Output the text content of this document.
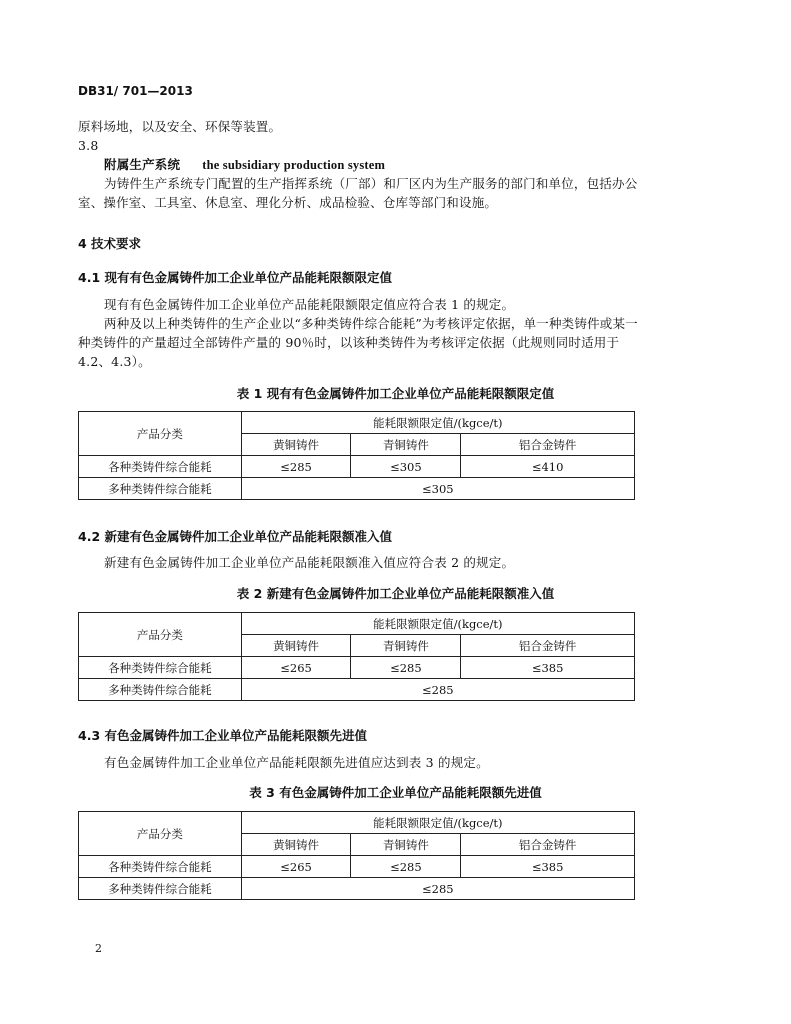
DB31/ 701—2013
原料场地，以及安全、环保等装置。
3.8
附属生产系统 the subsidiary production system
为铸件生产系统专门配置的生产指挥系统（厂部）和厂区内为生产服务的部门和单位，包括办公
室、操作室、工具室、休息室、理化分析、成品检验、仓库等部门和设施。
4 技术要求
4.1 现有有色金属铸件加工企业单位产品能耗限额限定值
现有有色金属铸件加工企业单位产品能耗限额限定值应符合表 1 的规定。
两种及以上种类铸件的生产企业以“多种类铸件综合能耗”为考核评定依据，单一种类铸件或某一
种类铸件的产量超过全部铸件产量的 90％时，以该种类铸件为考核评定依据（此规则同时适用于
4.2、4.3）。
表 1 现有有色金属铸件加工企业单位产品能耗限额限定值
产品分类	能耗限额限定值/(kgce/t)		
	黄铜铸件	青铜铸件	铝合金铸件
各种类铸件综合能耗	≤285	≤305	≤410
多种类铸件综合能耗	≤305		
4.2 新建有色金属铸件加工企业单位产品能耗限额准入值
新建有色金属铸件加工企业单位产品能耗限额准入值应符合表 2 的规定。
表 2 新建有色金属铸件加工企业单位产品能耗限额准入值
产品分类	能耗限额限定值/(kgce/t)		
	黄铜铸件	青铜铸件	铝合金铸件
各种类铸件综合能耗	≤265	≤285	≤385
多种类铸件综合能耗	≤285		
4.3 有色金属铸件加工企业单位产品能耗限额先进值
有色金属铸件加工企业单位产品能耗限额先进值应达到表 3 的规定。
表 3 有色金属铸件加工企业单位产品能耗限额先进值
产品分类	能耗限额限定值/(kgce/t)		
	黄铜铸件	青铜铸件	铝合金铸件
各种类铸件综合能耗	≤265	≤285	≤385
多种类铸件综合能耗	≤285		
2
